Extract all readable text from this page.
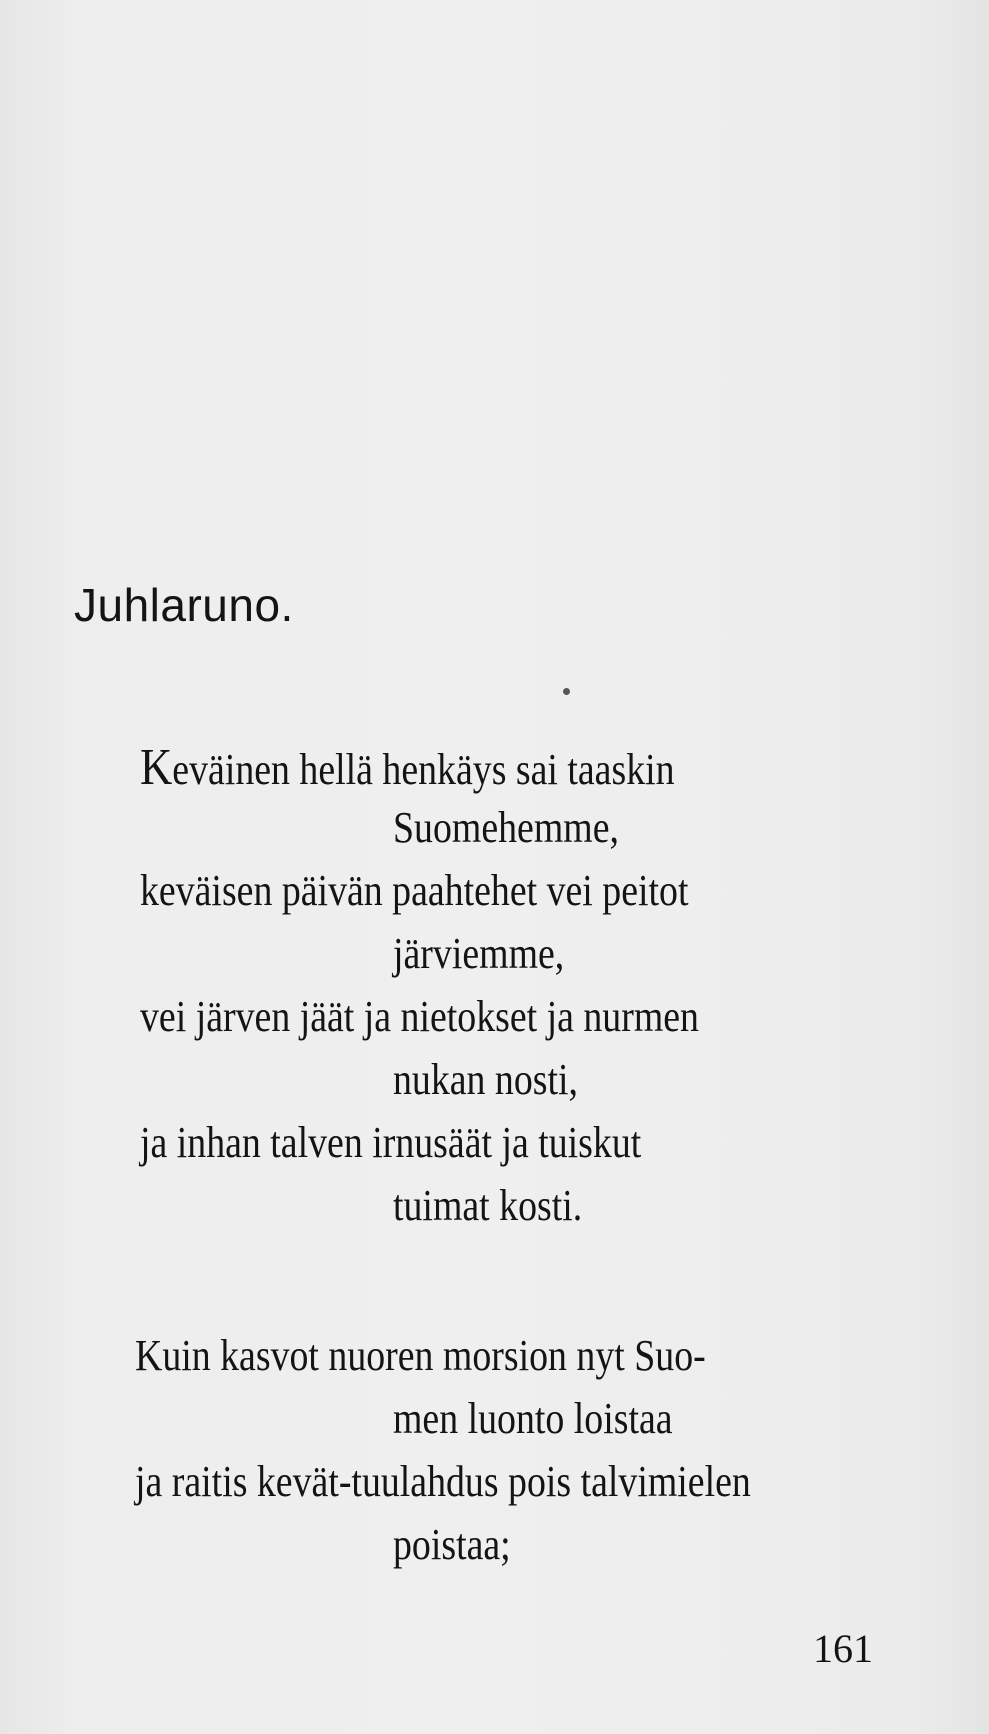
Juhlaruno.
Keväinen hellä henkäys sai taaskin
Suomehemme,
keväisen päivän paahtehet vei peitot
järviemme,
vei järven jäät ja nietokset ja nurmen
nukan nosti,
ja inhan talven irnusäät ja tuiskut
tuimat kosti.
Kuin kasvot nuoren morsion nyt Suo-
men luonto loistaa
ja raitis kevät-tuulahdus pois talvimielen
poistaa;
161
